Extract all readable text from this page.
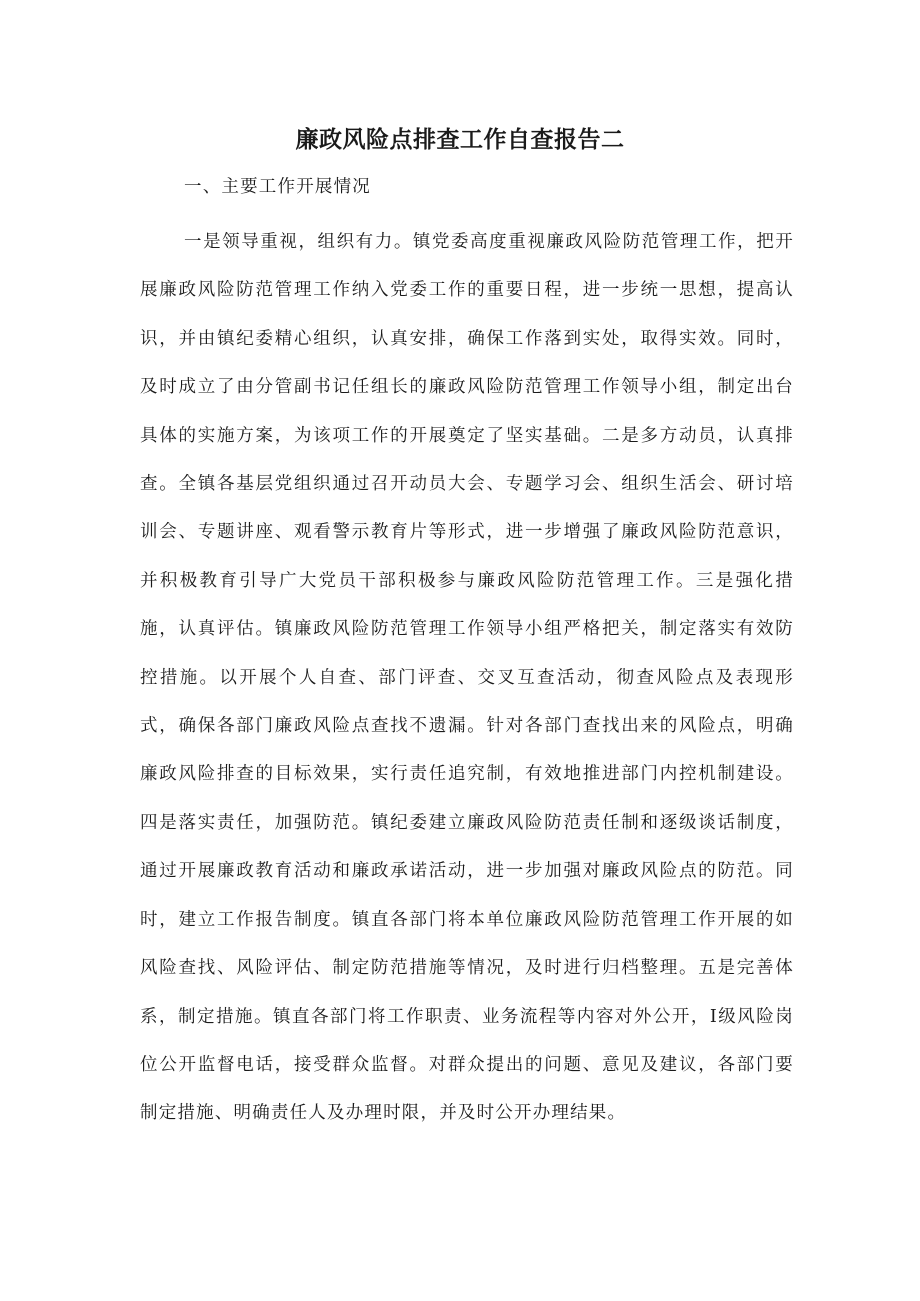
廉政风险点排查工作自查报告二
一、主要工作开展情况

一是领导重视，组织有力。镇党委高度重视廉政风险防范管理工作，把开展廉政风险防范管理工作纳入党委工作的重要日程，进一步统一思想，提高认识，并由镇纪委精心组织，认真安排，确保工作落到实处，取得实效。同时，及时成立了由分管副书记任组长的廉政风险防范管理工作领导小组，制定出台具体的实施方案，为该项工作的开展奠定了坚实基础。二是多方动员，认真排查。全镇各基层党组织通过召开动员大会、专题学习会、组织生活会、研讨培训会、专题讲座、观看警示教育片等形式，进一步增强了廉政风险防范意识，并积极教育引导广大党员干部积极参与廉政风险防范管理工作。三是强化措施，认真评估。镇廉政风险防范管理工作领导小组严格把关，制定落实有效防控措施。以开展个人自查、部门评查、交叉互查活动，彻查风险点及表现形式，确保各部门廉政风险点查找不遗漏。针对各部门查找出来的风险点，明确廉政风险排查的目标效果，实行责任追究制，有效地推进部门内控机制建设。四是落实责任，加强防范。镇纪委建立廉政风险防范责任制和逐级谈话制度，通过开展廉政教育活动和廉政承诺活动，进一步加强对廉政风险点的防范。同时，建立工作报告制度。镇直各部门将本单位廉政风险防范管理工作开展的如风险查找、风险评估、制定防范措施等情况，及时进行归档整理。五是完善体系，制定措施。镇直各部门将工作职责、业务流程等内容对外公开，I级风险岗位公开监督电话，接受群众监督。对群众提出的问题、意见及建议，各部门要制定措施、明确责任人及办理时限，并及时公开办理结果。
